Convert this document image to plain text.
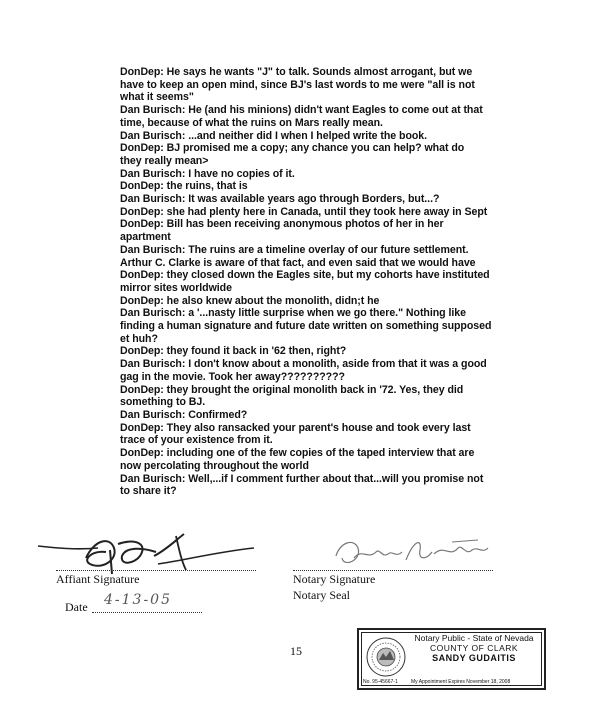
DonDep: He says he wants "J" to talk. Sounds almost arrogant, but we
have to keep an open mind, since BJ's last words to me were "all is not
what it seems"
Dan Burisch: He (and his minions) didn't want Eagles to come out at that
time, because of what the ruins on Mars really mean.
Dan Burisch: ...and neither did I when I helped write the book.
DonDep: BJ promised me a copy; any chance you can help? what do
they really mean>
Dan Burisch: I have no copies of it.
DonDep: the ruins, that is
Dan Burisch: It was available years ago through Borders, but...?
DonDep: she had plenty here in Canada, until they took here away in Sept
DonDep: Bill has been receiving anonymous photos of her in her
apartment
Dan Burisch: The ruins are a timeline overlay of our future settlement.
Arthur C. Clarke is aware of that fact, and even said that we would have
DonDep: they closed down the Eagles site, but my cohorts have instituted
mirror sites worldwide
DonDep: he also knew about the monolith, didn;t he
Dan Burisch: a '...nasty little surprise when we go there." Nothing like
finding a human signature and future date written on something supposed
et huh?
DonDep: they found it back in '62 then, right?
Dan Burisch: I don't know about a monolith, aside from that it was a good
gag in the movie. Took her away??????????
DonDep: they brought the original monolith back in '72. Yes, they did
something to BJ.
Dan Burisch: Confirmed?
DonDep: They also ransacked your parent's house and took every last
trace of your existence from it.
DonDep: including one of the few copies of the taped interview that are
now percolating throughout the world
Dan Burisch: Well,...if I comment further about that...will you promise not
to share it?
Affiant Signature	Notary Signature
Notary Seal
Date 4-13-05
15
Notary Public - State of Nevada
COUNTY OF CLARK
SANDY GUDAITIS
No. 95-45667-1	My Appointment Expires November 18, 2008
